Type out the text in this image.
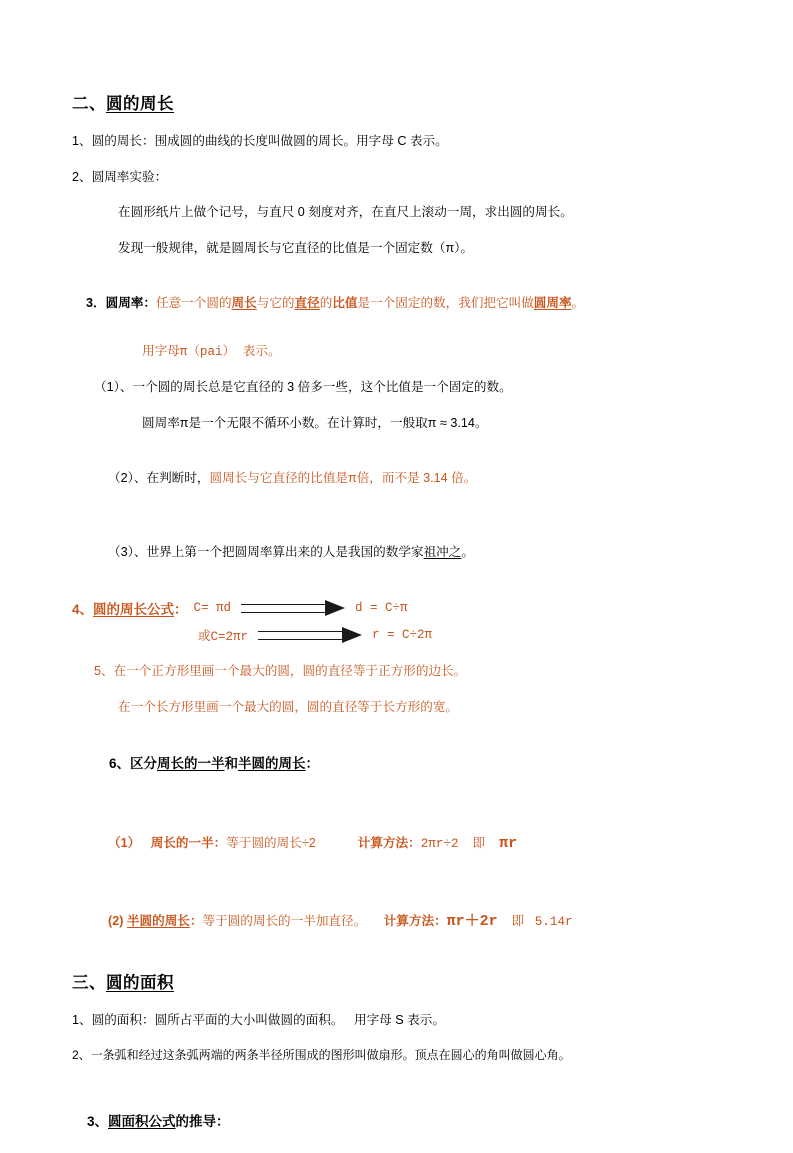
二、圆的周长
1、圆的周长：围成圆的曲线的长度叫做圆的周长。用字母 C 表示。
2、圆周率实验：
在圆形纸片上做个记号，与直尺 0 刻度对齐，在直尺上滚动一周，求出圆的周长。
发现一般规律，就是圆周长与它直径的比值是一个固定数（π）。

3．圆周率：任意一个圆的周长与它的直径的比值是一个固定的数，我们把它叫做圆周率。

用字母π（pai） 表示。
（1）、一个圆的周长总是它直径的 3 倍多一些，这个比值是一个固定的数。
圆周率π是一个无限不循环小数。在计算时，一般取π ≈ 3.14。

（2）、在判断时，圆周长与它直径的比值是π倍，而不是 3.14 倍。

（3）、世界上第一个把圆周率算出来的人是我国的数学家祖冲之。

4、 圆的周长公式 ： C= πd	d = C÷π
或C=2πr	r = C÷2π
5、在一个正方形里画一个最大的圆，圆的直径等于正方形的边长。
在一个长方形里画一个最大的圆，圆的直径等于长方形的宽。

6、区分周长的一半和半圆的周长：

（1） 周长的一半：等于圆的周长÷2	计算方法：2πr÷2 即 πr

(2) 半圆的周长：等于圆的周长的一半加直径。 计算方法：πr＋2r 即 5.14r

三、圆的面积
1、圆的面积：圆所占平面的大小叫做圆的面积。   用字母 S 表示。
2、一条弧和经过这条弧两端的两条半径所围成的图形叫做扇形。顶点在圆心的角叫做圆心角。

3、圆面积公式的推导：
